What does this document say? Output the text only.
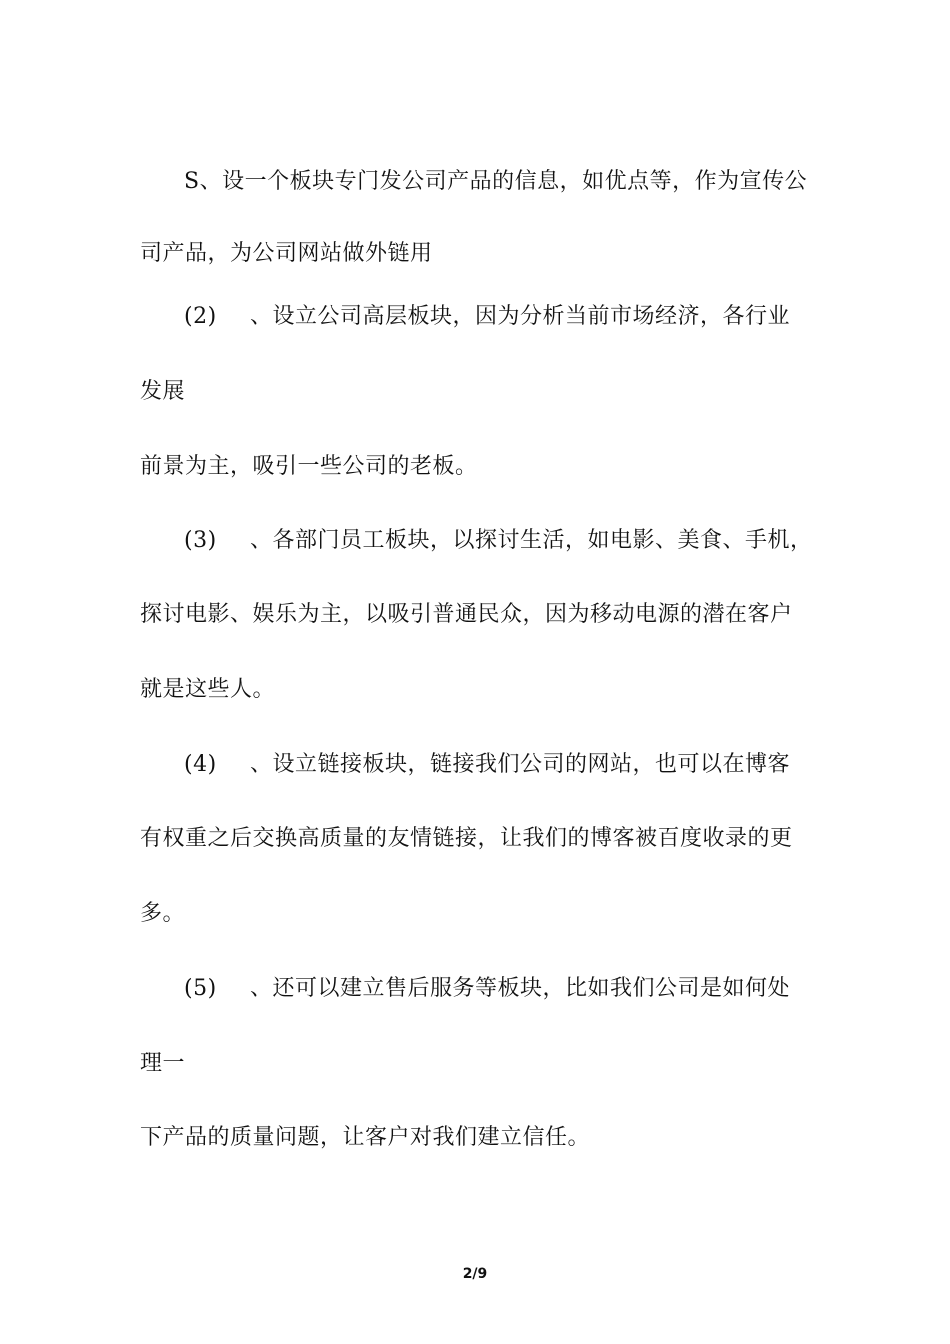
S、设一个板块专门发公司产品的信息，如优点等，作为宣传公
司产品，为公司网站做外链用
(2) 、设立公司高层板块，因为分析当前市场经济，各行业
发展
前景为主，吸引一些公司的老板。
(3) 、各部门员工板块，以探讨生活，如电影、美食、手机，
探讨电影、娱乐为主，以吸引普通民众，因为移动电源的潜在客户
就是这些人。
(4) 、设立链接板块，链接我们公司的网站，也可以在博客
有权重之后交换高质量的友情链接，让我们的博客被百度收录的更
多。
(5) 、还可以建立售后服务等板块，比如我们公司是如何处
理一
下产品的质量问题，让客户对我们建立信任。
2/9
